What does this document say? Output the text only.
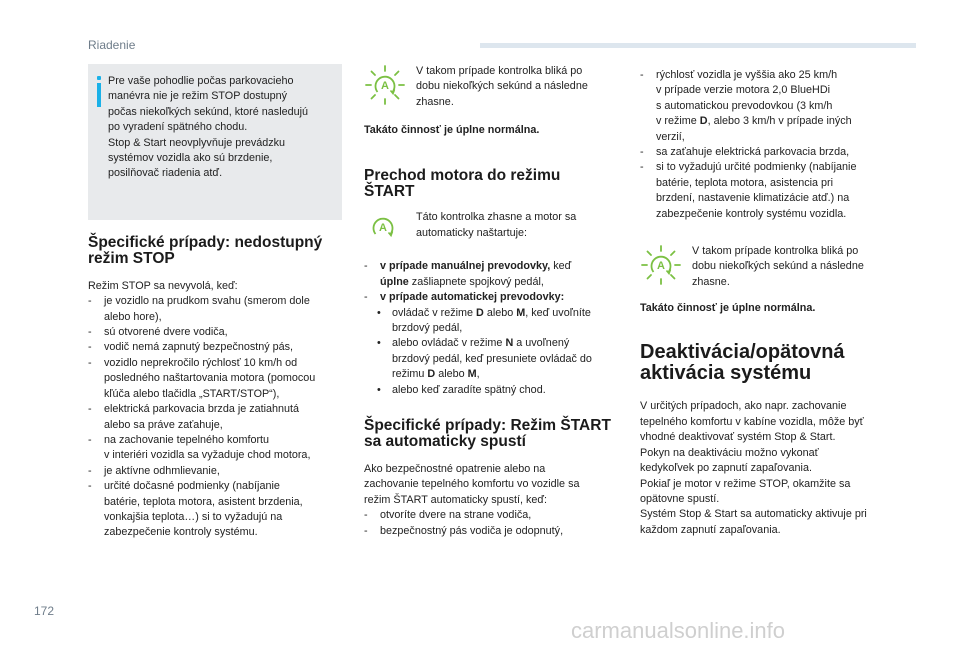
Riadenie
Pre vaše pohodlie počas parkovacieho
manévra nie je režim STOP dostupný
počas niekoľkých sekúnd, ktoré nasledujú
po vyradení spätného chodu.
Stop & Start neovplyvňuje prevádzku
systémov vozidla ako sú brzdenie,
posilňovač riadenia atď.
Špecifické prípady: nedostupný
režim STOP

Režim STOP sa nevyvolá, keď:

- je vozidlo na prudkom svahu (smerom dole
alebo hore),
- sú otvorené dvere vodiča,
- vodič nemá zapnutý bezpečnostný pás,
- vozidlo neprekročilo rýchlosť 10 km/h od
posledného naštartovania motora (pomocou
kľúča alebo tlačidla „START/STOP“),
- elektrická parkovacia brzda je zatiahnutá
alebo sa práve zaťahuje,
- na zachovanie tepelného komfortu
v interiéri vozidla sa vyžaduje chod motora,
- je aktívne odhmlievanie,
- určité dočasné podmienky (nabíjanie
batérie, teplota motora, asistent brzdenia,
vonkajšia teplota…) si to vyžadujú na
zabezpečenie kontroly systému.
A
V takom prípade kontrolka bliká po
dobu niekoľkých sekúnd a následne
zhasne.

Takáto činnosť je úplne normálna.

Prechod motora do režimu
ŠTART
A
Táto kontrolka zhasne a motor sa
automaticky naštartuje:
- v prípade manuálnej prevodovky, keď
úplne zašliapnete spojkový pedál,
- v prípade automatickej prevodovky:
• ovládač v režime D alebo M, keď uvoľníte
brzdový pedál,
• alebo ovládač v režime N a uvoľnený
brzdový pedál, keď presuniete ovládač do
režimu D alebo M,
• alebo keď zaradíte spätný chod.
Špecifické prípady: Režim ŠTART
sa automaticky spustí
Ako bezpečnostné opatrenie alebo na
zachovanie tepelného komfortu vo vozidle sa
režim ŠTART automaticky spustí, keď:
- otvoríte dvere na strane vodiča,
- bezpečnostný pás vodiča je odopnutý,
- rýchlosť vozidla je vyššia ako 25 km/h
v prípade verzie motora 2,0 BlueHDi
s automatickou prevodovkou (3 km/h
v režime D, alebo 3 km/h v prípade iných
verzií,
- sa zaťahuje elektrická parkovacia brzda,
- si to vyžadujú určité podmienky (nabíjanie
batérie, teplota motora, asistencia pri
brzdení, nastavenie klimatizácie atď.) na
zabezpečenie kontroly systému vozidla.
A
V takom prípade kontrolka bliká po
dobu niekoľkých sekúnd a následne
zhasne.

Takáto činnosť je úplne normálna.

Deaktivácia/opätovná
aktivácia systému
V určitých prípadoch, ako napr. zachovanie
tepelného komfortu v kabíne vozidla, môže byť
vhodné deaktivovať systém Stop & Start.
Pokyn na deaktiváciu možno vykonať
kedykoľvek po zapnutí zapaľovania.
Pokiaľ je motor v režime STOP, okamžite sa
opätovne spustí.
Systém Stop & Start sa automaticky aktivuje pri
každom zapnutí zapaľovania.
172
carmanualsonline.info
